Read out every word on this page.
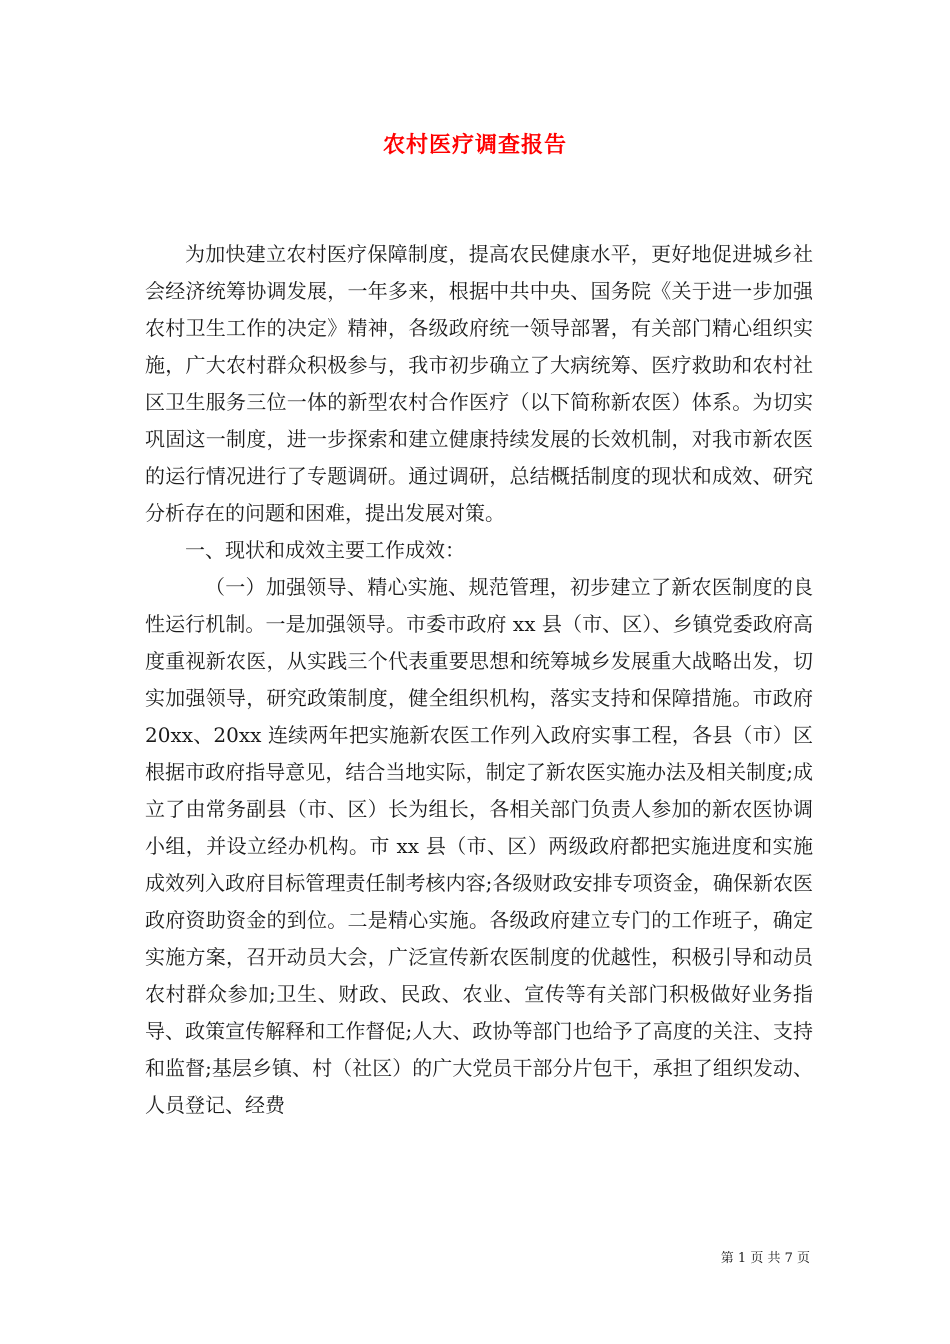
农村医疗调查报告

为加快建立农村医疗保障制度，提高农民健康水平，更好地促进城乡社会经济统筹协调发展，一年多来，根据中共中央、国务院《关于进一步加强农村卫生工作的决定》精神，各级政府统一领导部署，有关部门精心组织实施，广大农村群众积极参与，我市初步确立了大病统筹、医疗救助和农村社区卫生服务三位一体的新型农村合作医疗（以下简称新农医）体系。为切实巩固这一制度，进一步探索和建立健康持续发展的长效机制，对我市新农医的运行情况进行了专题调研。通过调研，总结概括制度的现状和成效、研究分析存在的问题和困难，提出发展对策。

一、现状和成效主要工作成效：

（一）加强领导、精心实施、规范管理，初步建立了新农医制度的良性运行机制。一是加强领导。市委市政府 xx 县（市、区）、乡镇党委政府高度重视新农医，从实践三个代表重要思想和统筹城乡发展重大战略出发，切实加强领导，研究政策制度，健全组织机构，落实支持和保障措施。市政府 20xx、20xx 连续两年把实施新农医工作列入政府实事工程，各县（市）区根据市政府指导意见，结合当地实际，制定了新农医实施办法及相关制度;成立了由常务副县（市、区）长为组长，各相关部门负责人参加的新农医协调小组，并设立经办机构。市 xx 县（市、区）两级政府都把实施进度和实施成效列入政府目标管理责任制考核内容;各级财政安排专项资金，确保新农医政府资助资金的到位。二是精心实施。各级政府建立专门的工作班子，确定实施方案，召开动员大会，广泛宣传新农医制度的优越性，积极引导和动员农村群众参加;卫生、财政、民政、农业、宣传等有关部门积极做好业务指导、政策宣传解释和工作督促;人大、政协等部门也给予了高度的关注、支持和监督;基层乡镇、村（社区）的广大党员干部分片包干，承担了组织发动、人员登记、经费

第 1 页 共 7 页
